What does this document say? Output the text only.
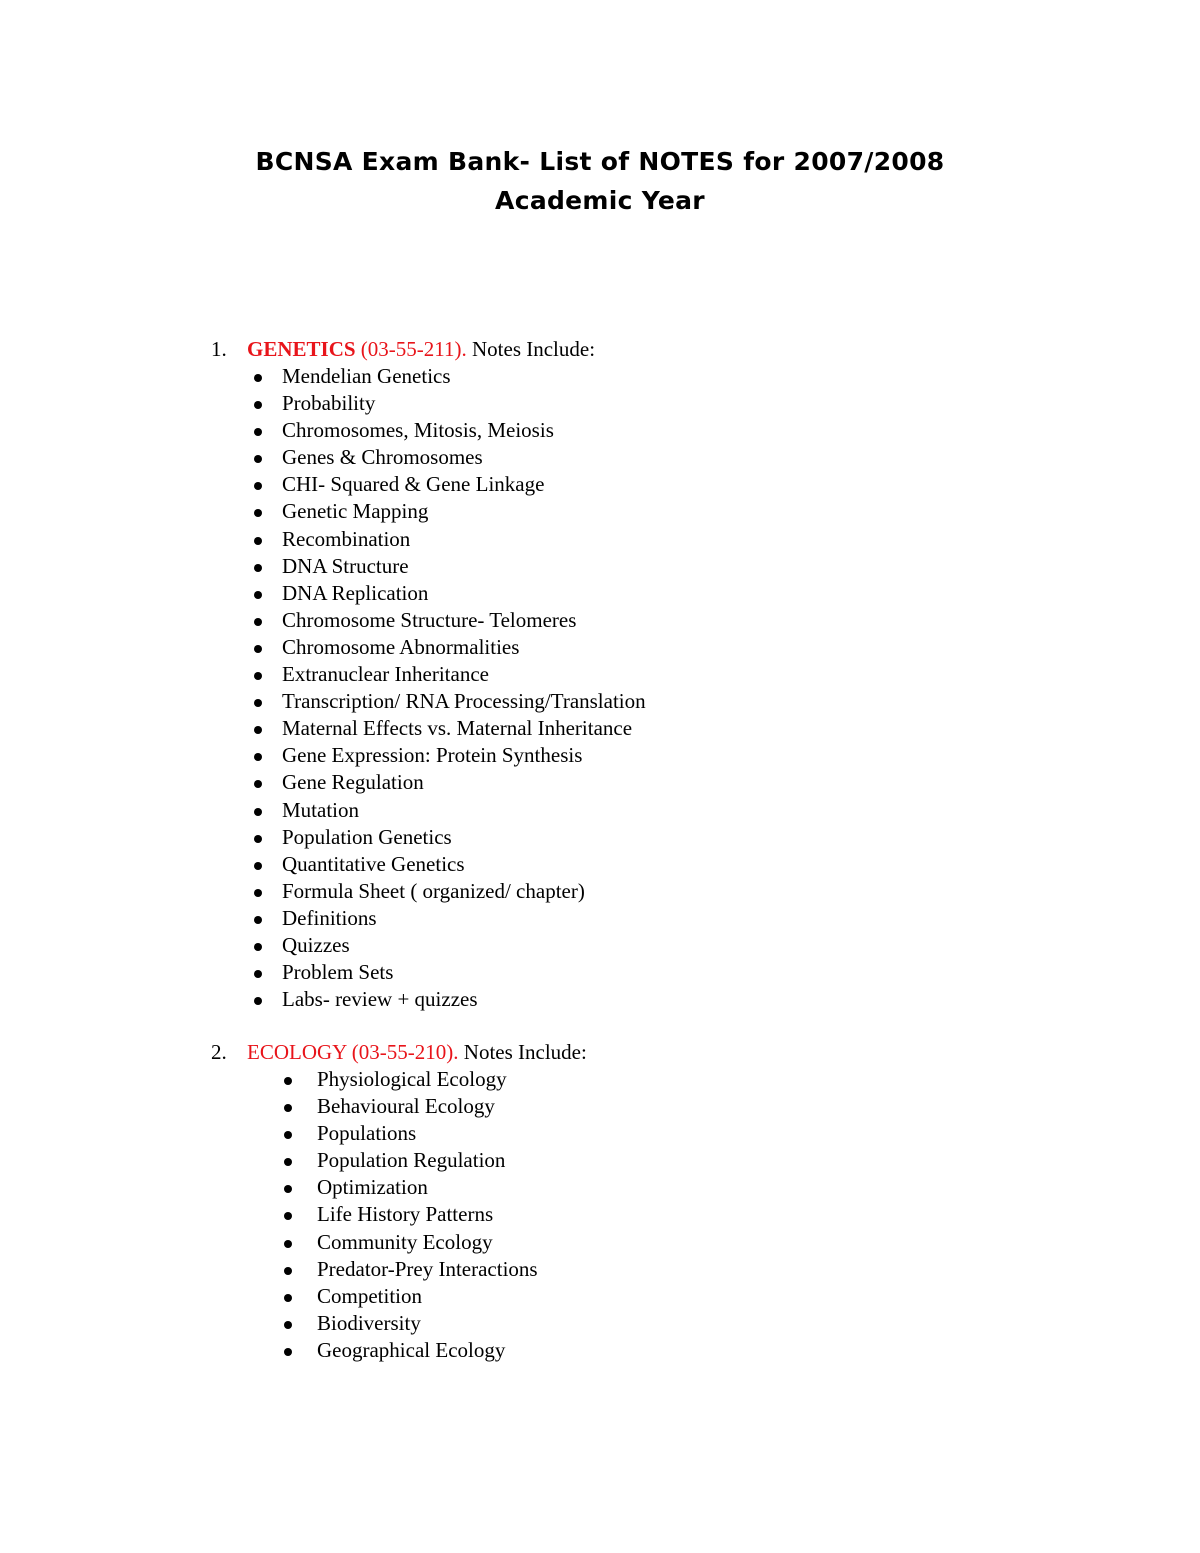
BCNSA Exam Bank- List of NOTES for 2007/2008
Academic Year
1. GENETICS (03-55-211). Notes Include:
Mendelian Genetics
Probability
Chromosomes, Mitosis, Meiosis
Genes & Chromosomes
CHI- Squared & Gene Linkage
Genetic Mapping
Recombination
DNA Structure
DNA Replication
Chromosome Structure- Telomeres
Chromosome Abnormalities
Extranuclear Inheritance
Transcription/ RNA Processing/Translation
Maternal Effects vs. Maternal Inheritance
Gene Expression: Protein Synthesis
Gene Regulation
Mutation
Population Genetics
Quantitative Genetics
Formula Sheet ( organized/ chapter)
Definitions
Quizzes
Problem Sets
Labs- review + quizzes
2. ECOLOGY (03-55-210). Notes Include:
Physiological Ecology
Behavioural Ecology
Populations
Population Regulation
Optimization
Life History Patterns
Community Ecology
Predator-Prey Interactions
Competition
Biodiversity
Geographical Ecology
